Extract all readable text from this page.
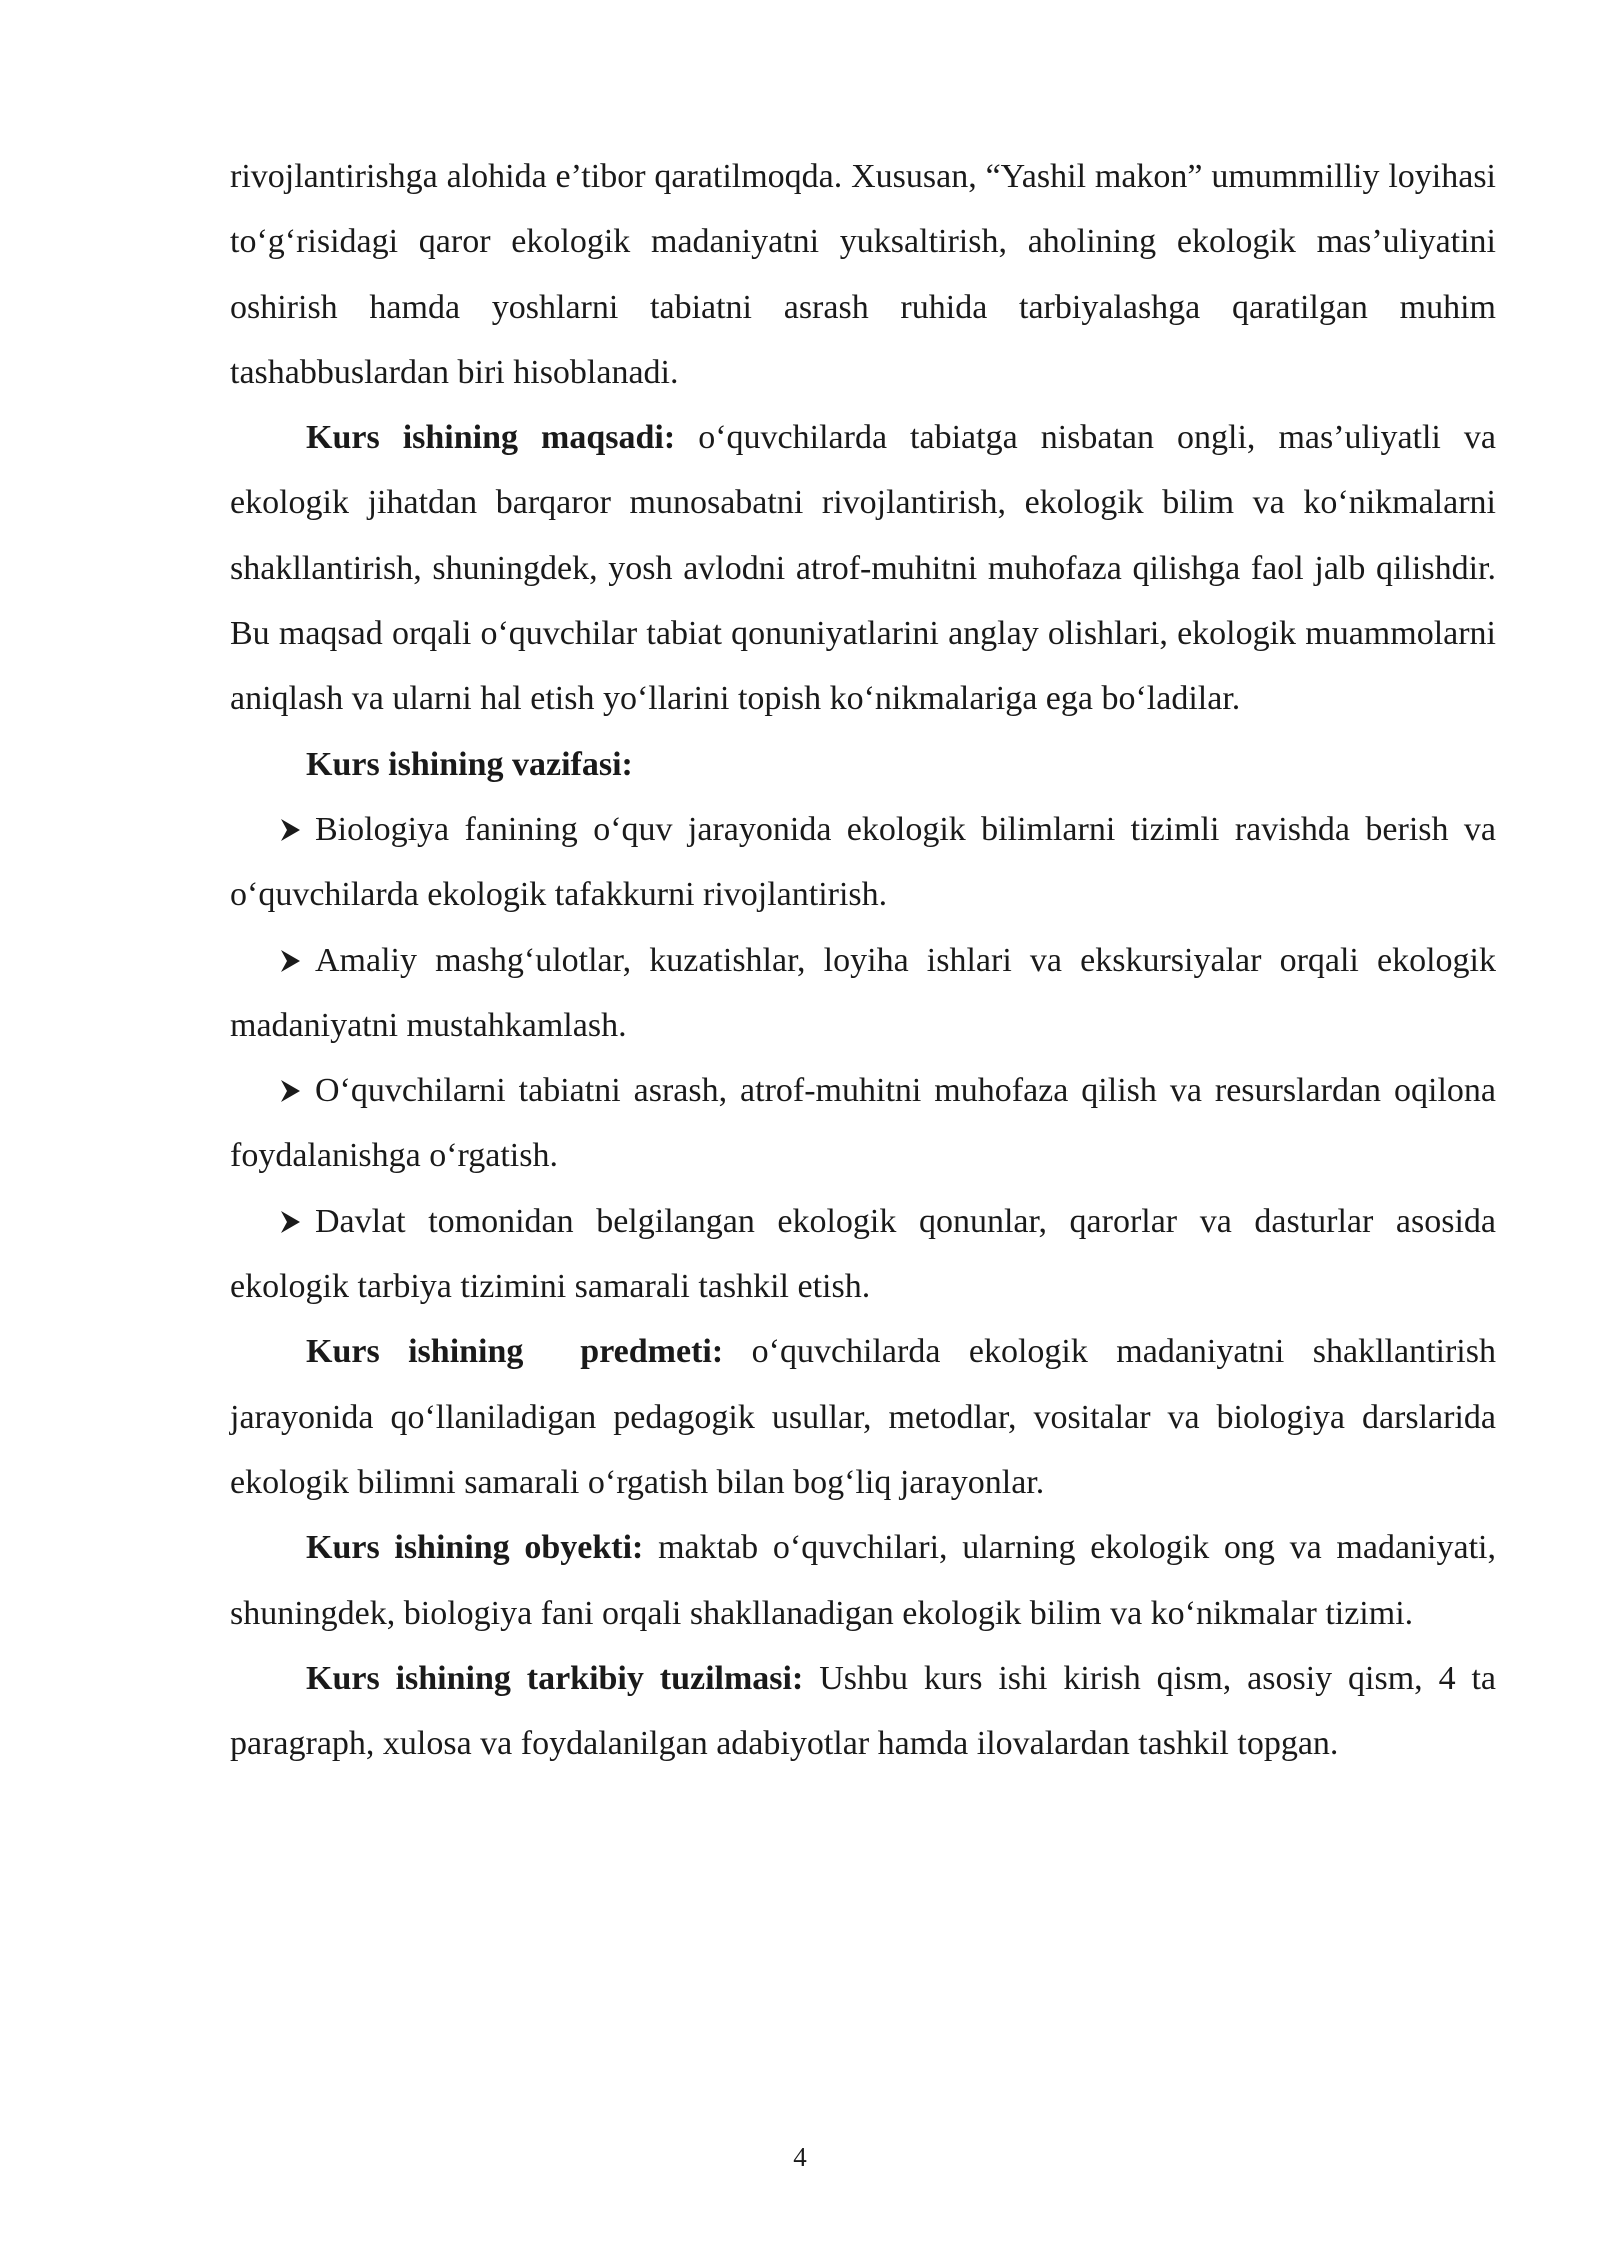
rivojlantirishga alohida e’tibor qaratilmoqda. Xususan, “Yashil makon” umummilliy loyihasi to‘g‘risidagi qaror ekologik madaniyatni yuksaltirish, aholining ekologik mas’uliyatini oshirish hamda yoshlarni tabiatni asrash ruhida tarbiyalashga qaratilgan muhim tashabbuslardan biri hisoblanadi.

Kurs ishining maqsadi: o‘quvchilarda tabiatga nisbatan ongli, mas’uliyatli va ekologik jihatdan barqaror munosabatni rivojlantirish, ekologik bilim va ko‘nikmalarni shakllantirish, shuningdek, yosh avlodni atrof-muhitni muhofaza qilishga faol jalb qilishdir. Bu maqsad orqali o‘quvchilar tabiat qonuniyatlarini anglay olishlari, ekologik muammolarni aniqlash va ularni hal etish yo‘llarini topish ko‘nikmalariga ega bo‘ladilar.

Kurs ishining vazifasi:

Biologiya fanining o‘quv jarayonida ekologik bilimlarni tizimli ravishda berish va o‘quvchilarda ekologik tafakkurni rivojlantirish.

Amaliy mashg‘ulotlar, kuzatishlar, loyiha ishlari va ekskursiyalar orqali ekologik madaniyatni mustahkamlash.

O‘quvchilarni tabiatni asrash, atrof-muhitni muhofaza qilish va resurslardan oqilona foydalanishga o‘rgatish.

Davlat tomonidan belgilangan ekologik qonunlar, qarorlar va dasturlar asosida ekologik tarbiya tizimini samarali tashkil etish.

Kurs ishining  predmeti: o‘quvchilarda ekologik madaniyatni shakllantirish jarayonida qo‘llaniladigan pedagogik usullar, metodlar, vositalar va biologiya darslarida ekologik bilimni samarali o‘rgatish bilan bog‘liq jarayonlar.

Kurs ishining obyekti: maktab o‘quvchilari, ularning ekologik ong va madaniyati, shuningdek, biologiya fani orqali shakllanadigan ekologik bilim va ko‘nikmalar tizimi.

Kurs ishining tarkibiy tuzilmasi: Ushbu kurs ishi kirish qism, asosiy qism, 4 ta paragraph, xulosa va foydalanilgan adabiyotlar hamda ilovalardan tashkil topgan.

4
